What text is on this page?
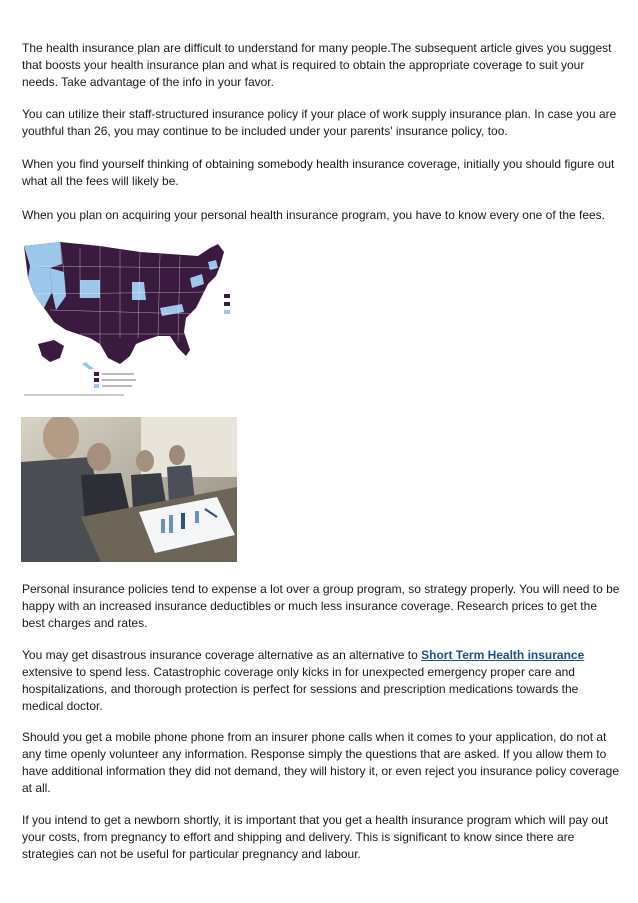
The health insurance plan are difficult to understand for many people.The subsequent article gives you suggest that boosts your health insurance plan and what is required to obtain the appropriate coverage to suit your needs. Take advantage of the info in your favor.

You can utilize their staff-structured insurance policy if your place of work supply insurance plan. In case you are youthful than 26, you may continue to be included under your parents' insurance policy, too.

When you find yourself thinking of obtaining somebody health insurance coverage, initially you should figure out what all the fees will likely be.

When you plan on acquiring your personal health insurance program, you have to know every one of the fees.

Personal insurance policies tend to expense a lot over a group program, so strategy properly. You will need to be happy with an increased insurance deductibles or much less insurance coverage. Research prices to get the best charges and rates.

You may get disastrous insurance coverage alternative as an alternative to Short Term Health insurance extensive to spend less. Catastrophic coverage only kicks in for unexpected emergency proper care and hospitalizations, and thorough protection is perfect for sessions and prescription medications towards the medical doctor.

Should you get a mobile phone phone from an insurer phone calls when it comes to your application, do not at any time openly volunteer any information. Response simply the questions that are asked. If you allow them to have additional information they did not demand, they will history it, or even reject you insurance policy coverage at all.

If you intend to get a newborn shortly, it is important that you get a health insurance program which will pay out your costs, from pregnancy to effort and shipping and delivery. This is significant to know since there are strategies can not be useful for particular pregnancy and labour.
